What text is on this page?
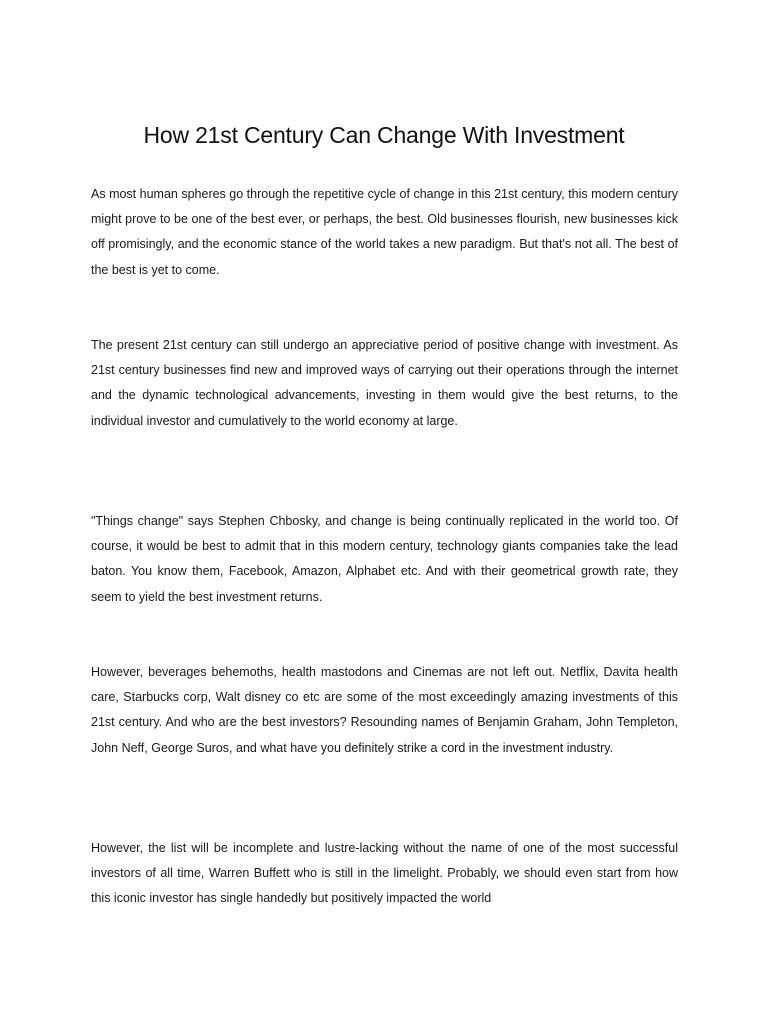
How 21st Century Can Change With Investment

As most human spheres go through the repetitive cycle of change in this 21st century, this modern century might prove to be one of the best ever, or perhaps, the best. Old businesses flourish, new businesses kick off promisingly, and the economic stance of the world takes a new paradigm. But that's not all. The best of the best is yet to come.

The present 21st century can still undergo an appreciative period of positive change with investment. As 21st century businesses find new and improved ways of carrying out their operations through the internet and the dynamic technological advancements, investing in them would give the best returns, to the individual investor and cumulatively to the world economy at large.

"Things change" says Stephen Chbosky, and change is being continually replicated in the world too. Of course, it would be best to admit that in this modern century, technology giants companies take the lead baton. You know them, Facebook, Amazon, Alphabet etc. And with their geometrical growth rate, they seem to yield the best investment returns.

However, beverages behemoths, health mastodons and Cinemas are not left out. Netflix, Davita health care, Starbucks corp, Walt disney co etc are some of the most exceedingly amazing investments of this 21st century. And who are the best investors? Resounding names of Benjamin Graham, John Templeton, John Neff, George Suros, and what have you definitely strike a cord in the investment industry.

However, the list will be incomplete and lustre-lacking without the name of one of the most successful investors of all time, Warren Buffett who is still in the limelight. Probably, we should even start from how this iconic investor has single handedly but positively impacted the world
